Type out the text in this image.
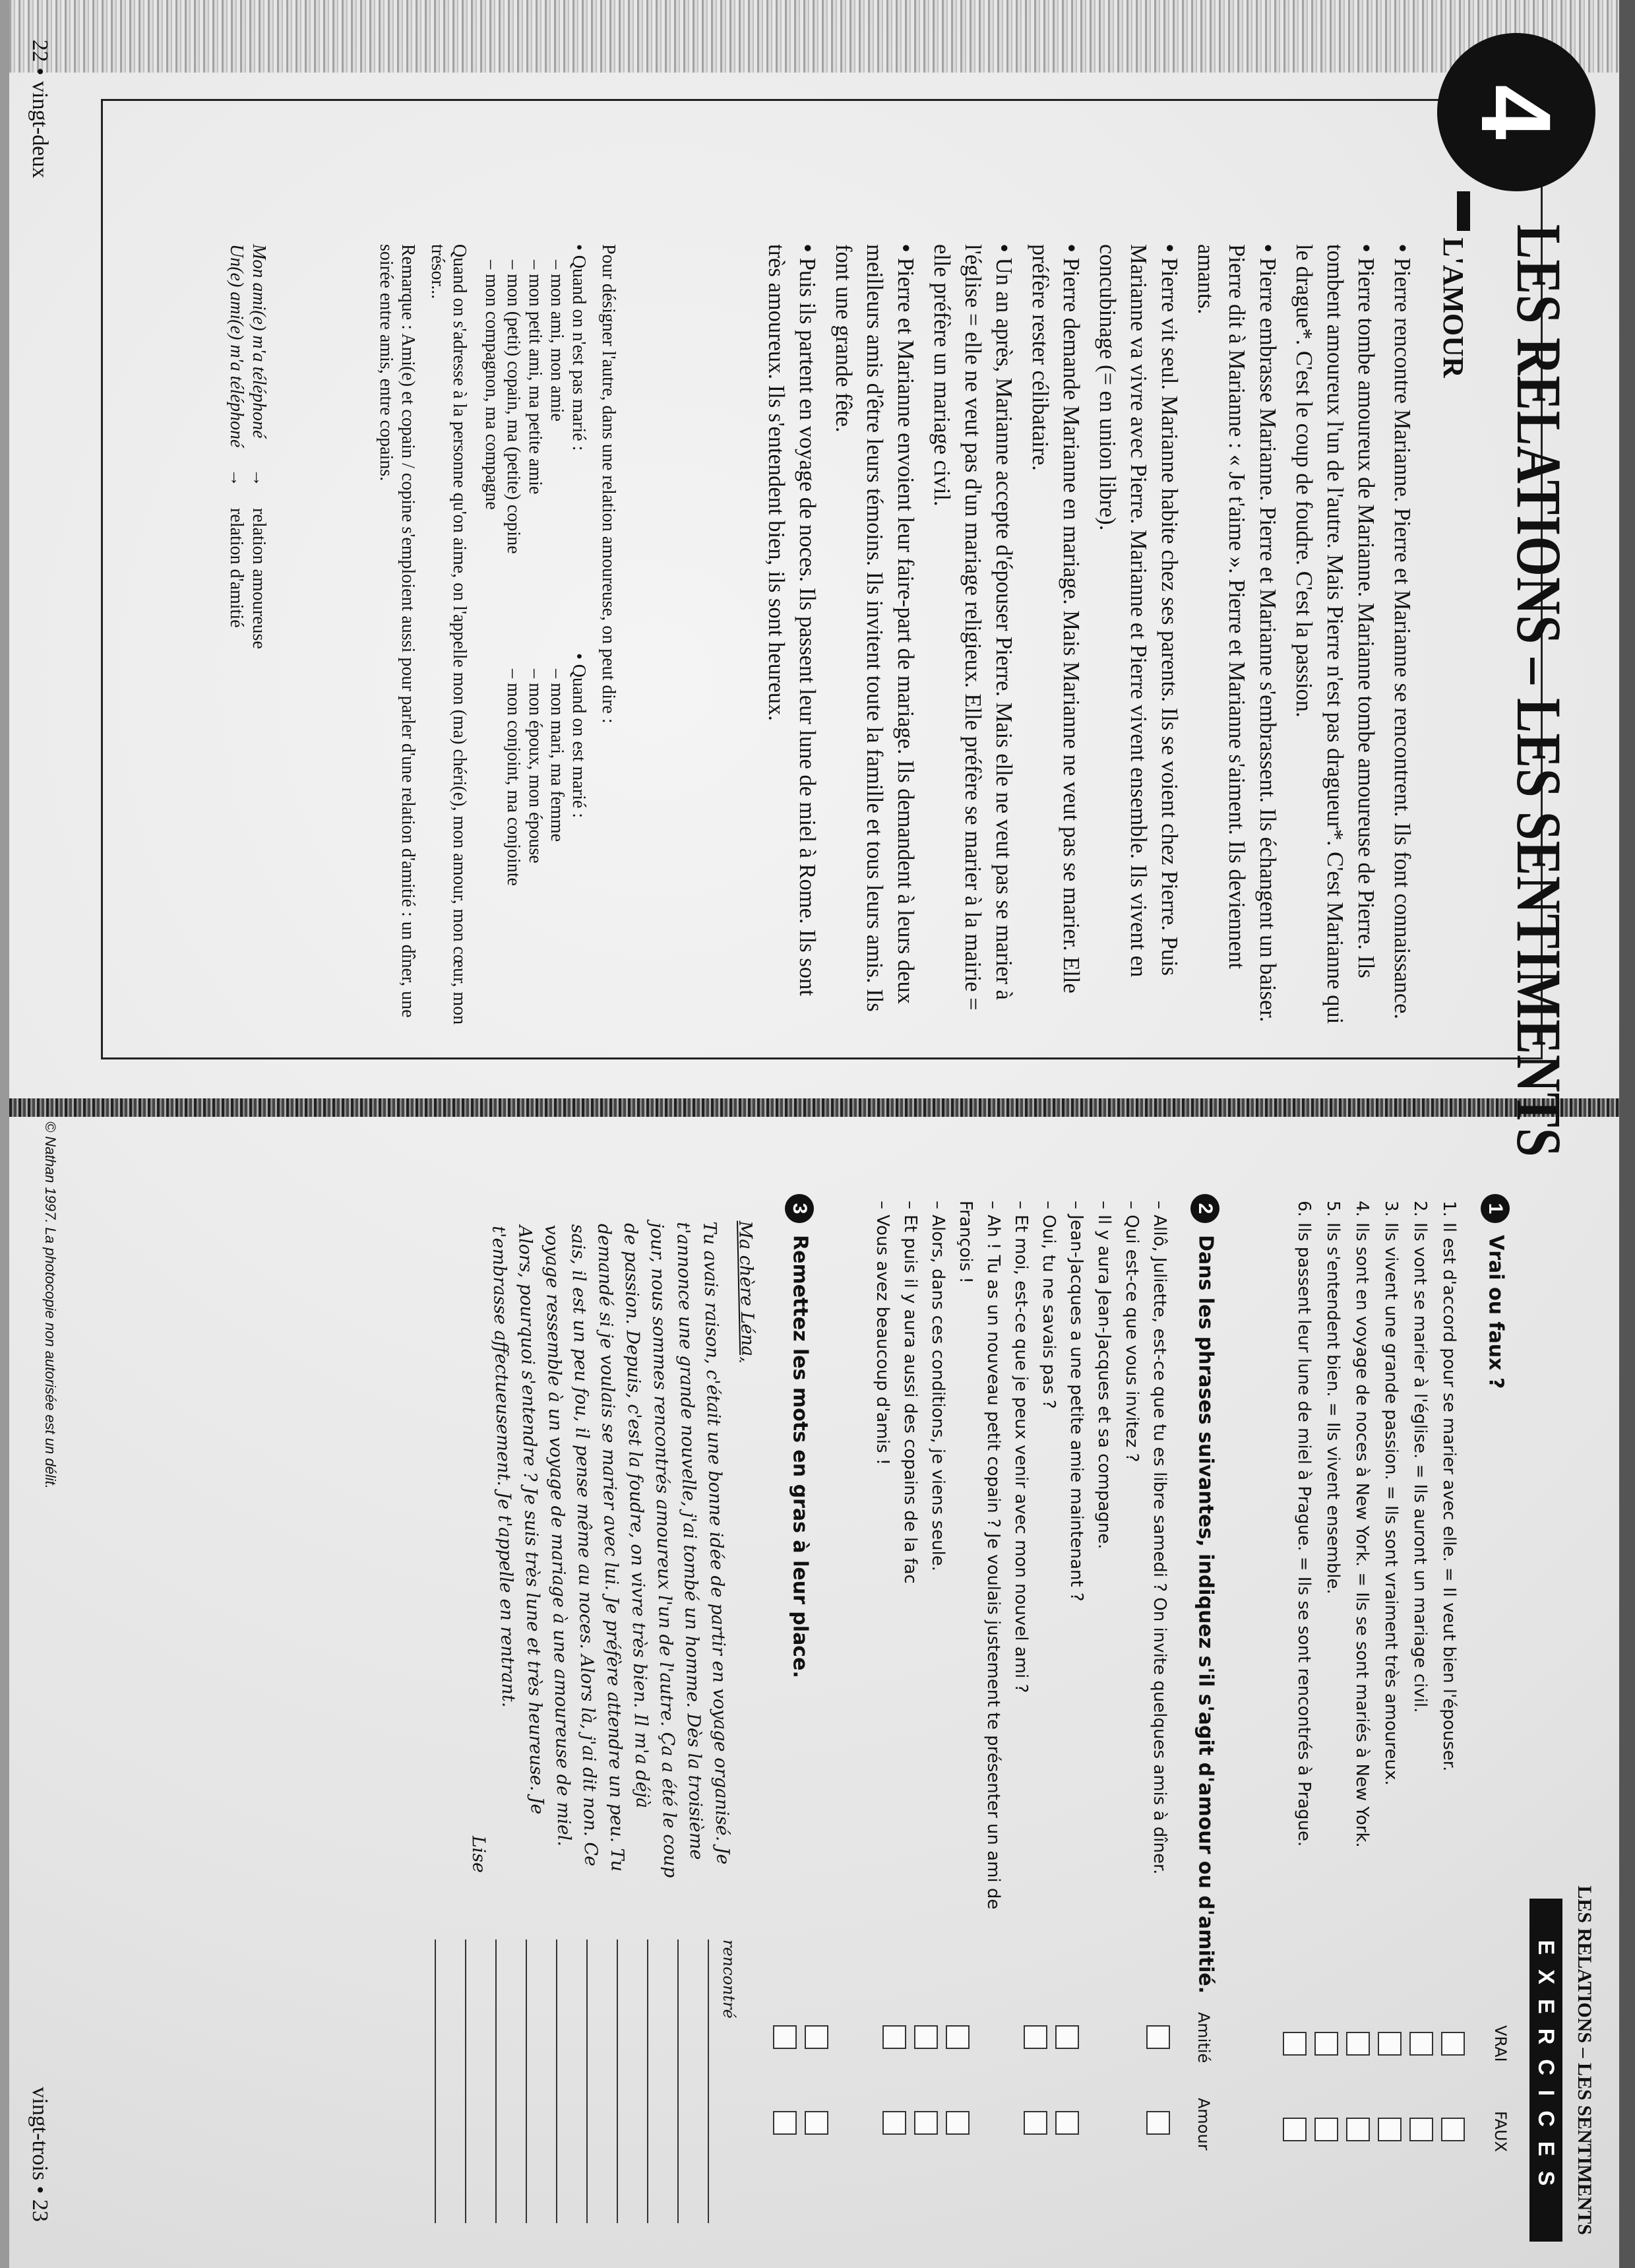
4
LES RELATIONS – LES SENTIMENTS
L'AMOUR

• Pierre rencontre Marianne. Pierre et Marianne se rencontrent. Ils font connaissance.

• Pierre tombe amoureux de Marianne. Marianne tombe amoureuse de Pierre. Ils tombent amoureux l'un de l'autre. Mais Pierre n'est pas dragueur*. C'est Marianne qui le drague*. C'est le coup de foudre. C'est la passion.

• Pierre embrasse Marianne. Pierre et Marianne s'embrassent. Ils échangent un baiser. Pierre dit à Marianne : « Je t'aime ». Pierre et Marianne s'aiment. Ils deviennent amants.

• Pierre vit seul. Marianne habite chez ses parents. Ils se voient chez Pierre. Puis Marianne va vivre avec Pierre. Marianne et Pierre vivent ensemble. Ils vivent en concubinage (= en union libre).

• Pierre demande Marianne en mariage. Mais Marianne ne veut pas se marier. Elle préfère rester célibataire.

• Un an après, Marianne accepte d'épouser Pierre. Mais elle ne veut pas se marier à l'église = elle ne veut pas d'un mariage religieux. Elle préfère se marier à la mairie = elle préfère un mariage civil.

• Pierre et Marianne envoient leur faire-part de mariage. Ils demandent à leurs deux meilleurs amis d'être leurs témoins. Ils invitent toute la famille et tous leurs amis. Ils font une grande fête.

• Puis ils partent en voyage de noces. Ils passent leur lune de miel à Rome. Ils sont très amoureux. Ils s'entendent bien, ils sont heureux.

Pour désigner l'autre, dans une relation amoureuse, on peut dire :
• Quand on n'est pas marié :
– mon ami, mon amie
– mon petit ami, ma petite amie
– mon (petit) copain, ma (petite) copine
– mon compagnon, ma compagne
• Quand on est marié :
– mon mari, ma femme
– mon époux, mon épouse
– mon conjoint, ma conjointe
Quand on s'adresse à la personne qu'on aime, on l'appelle mon (ma) chéri(e), mon amour, mon cœur, mon trésor...
Remarque : Ami(e) et copain / copine s'emploient aussi pour parler d'une relation d'amitié : un dîner, une soirée entre amis, entre copains.
Mon ami(e) m'a téléphoné
→
relation amoureuse
Un(e) ami(e) m'a téléphoné
→
relation d'amitié
22 • vingt-deux
© Nathan 1997. La photocopie non autorisée est un délit.
LES RELATIONS – LES SENTIMENTS
EXERCICES
1Vrai ou faux ?
1. Il est d'accord pour se marier avec elle. = Il veut bien l'épouser.
2. Ils vont se marier à l'église. = Ils auront un mariage civil.
3. Ils vivent une grande passion. = Ils sont vraiment très amoureux.
4. Ils sont en voyage de noces à New York. = Ils se sont mariés à New York.
5. Ils s'entendent bien. = Ils vivent ensemble.
6. Ils passent leur lune de miel à Prague. = Ils se sont rencontrés à Prague.
VRAI
FAUX
2Dans les phrases suivantes, indiquez s'il s'agit d'amour ou d'amitié.
– Allô, Juliette, est-ce que tu es libre samedi ? On invite quelques amis à dîner.
– Qui est-ce que vous invitez ?
– Il y aura Jean-Jacques et sa compagne.
– Jean-Jacques a une petite amie maintenant ?
– Oui, tu ne savais pas ?
– Et moi, est-ce que je peux venir avec mon nouvel ami ?
– Ah ! Tu as un nouveau petit copain ? Je voulais justement te présenter un ami de François !
– Alors, dans ces conditions, je viens seule.
– Et puis il y aura aussi des copains de la fac
– Vous avez beaucoup d'amis !
Amitié
Amour
3Remettez les mots en gras à leur place.
Ma chère Léna,
Tu avais raison, c'était une bonne idée de partir en voyage organisé. Je t'annonce une grande nouvelle, j'ai tombé un homme. Dès la troisième jour, nous sommes rencontrés amoureux l'un de l'autre. Ça a été le coup de passion. Depuis, c'est la foudre, on vivre très bien. Il m'a déjà demandé si je voulais se marier avec lui. Je préfère attendre un peu. Tu sais, il est un peu fou, il pense même au noces. Alors là, j'ai dit non. Ce voyage ressemble à un voyage de mariage à une amoureuse de miel. Alors, pourquoi s'entendre ? Je suis très lune et très heureuse. Je t'embrasse affectueusement. Je t'appelle en rentrant.
Lise
rencontré
vingt-trois • 23
